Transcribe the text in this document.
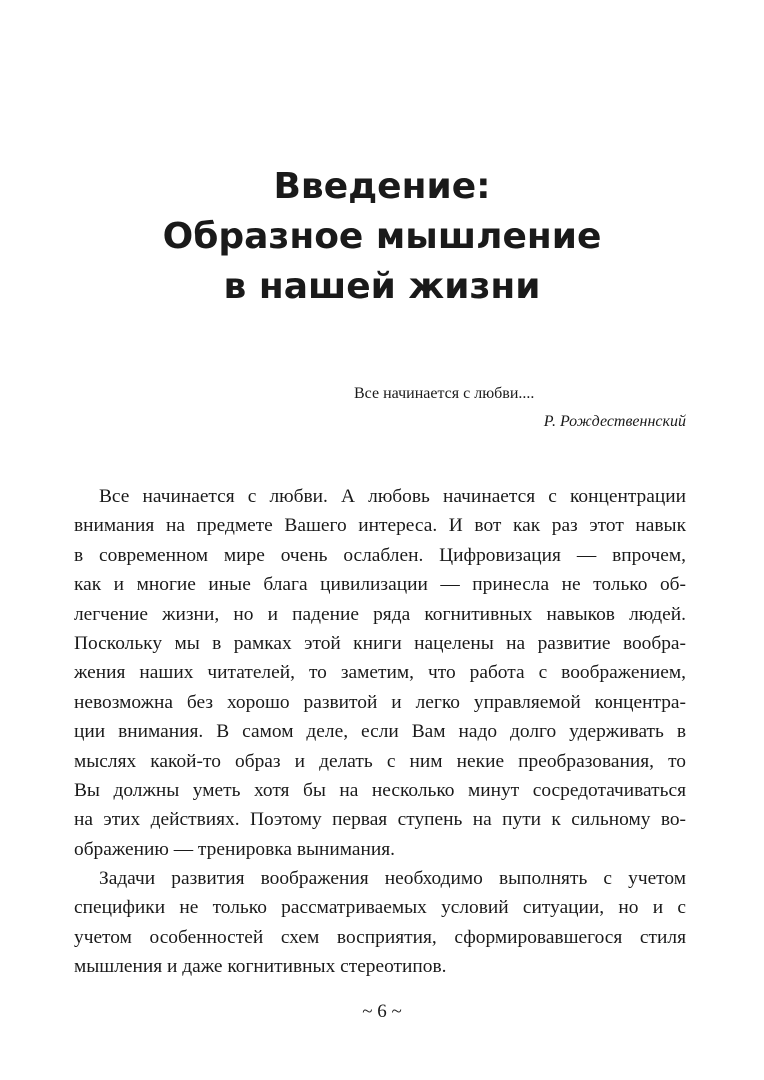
Введение:
Образное мышление
в нашей жизни
Все начинается с любви....
Р. Рождественнский
Все начинается с любви. А любовь начинается с концентрации
внимания на предмете Вашего интереса. И вот как раз этот навык
в современном мире очень ослаблен. Цифровизация — впрочем,
как и многие иные блага цивилизации — принесла не только об-
легчение жизни, но и падение ряда когнитивных навыков людей.
Поскольку мы в рамках этой книги нацелены на развитие вообра-
жения наших читателей, то заметим, что работа с воображением,
невозможна без хорошо развитой и легко управляемой концентра-
ции внимания. В самом деле, если Вам надо долго удерживать в
мыслях какой-то образ и делать с ним некие преобразования, то
Вы должны уметь хотя бы на несколько минут сосредотачиваться
на этих действиях. Поэтому первая ступень на пути к сильному во-
ображению — тренировка вынимания.
Задачи развития воображения необходимо выполнять с учетом
специфики не только рассматриваемых условий ситуации, но и с
учетом особенностей схем восприятия, сформировавшегося стиля
мышления и даже когнитивных стереотипов.
~ 6 ~
